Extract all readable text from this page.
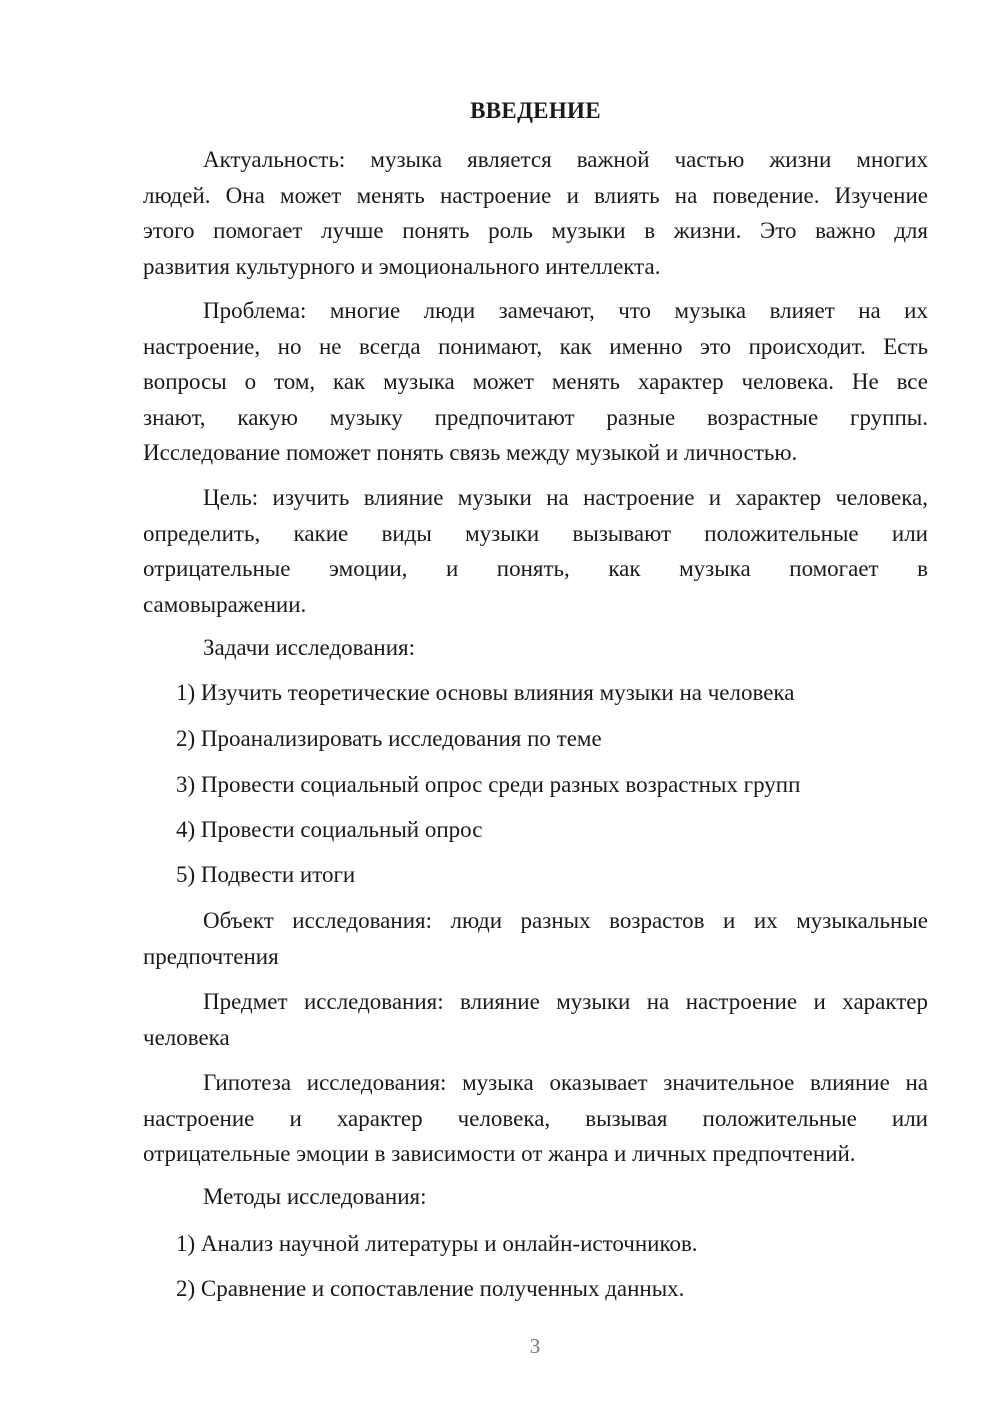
ВВЕДЕНИЕ
Актуальность: музыка является важной частью жизни многих
людей. Она может менять настроение и влиять на поведение. Изучение
этого помогает лучше понять роль музыки в жизни. Это важно для
развития культурного и эмоционального интеллекта.
Проблема: многие люди замечают, что музыка влияет на их
настроение, но не всегда понимают, как именно это происходит. Есть
вопросы о том, как музыка может менять характер человека. Не все
знают, какую музыку предпочитают разные возрастные группы.
Исследование поможет понять связь между музыкой и личностью.
Цель: изучить влияние музыки на настроение и характер человека,
определить, какие виды музыки вызывают положительные или
отрицательные эмоции, и понять, как музыка помогает в
самовыражении.
Задачи исследования:
1) Изучить теоретические основы влияния музыки на человека
2) Проанализировать исследования по теме
3) Провести социальный опрос среди разных возрастных групп
4) Провести социальный опрос
5) Подвести итоги
Объект исследования: люди разных возрастов и их музыкальные
предпочтения
Предмет исследования: влияние музыки на настроение и характер
человека
Гипотеза исследования: музыка оказывает значительное влияние на
настроение и характер человека, вызывая положительные или
отрицательные эмоции в зависимости от жанра и личных предпочтений.
Методы исследования:
1) Анализ научной литературы и онлайн-источников.
2) Сравнение и сопоставление полученных данных.
3
